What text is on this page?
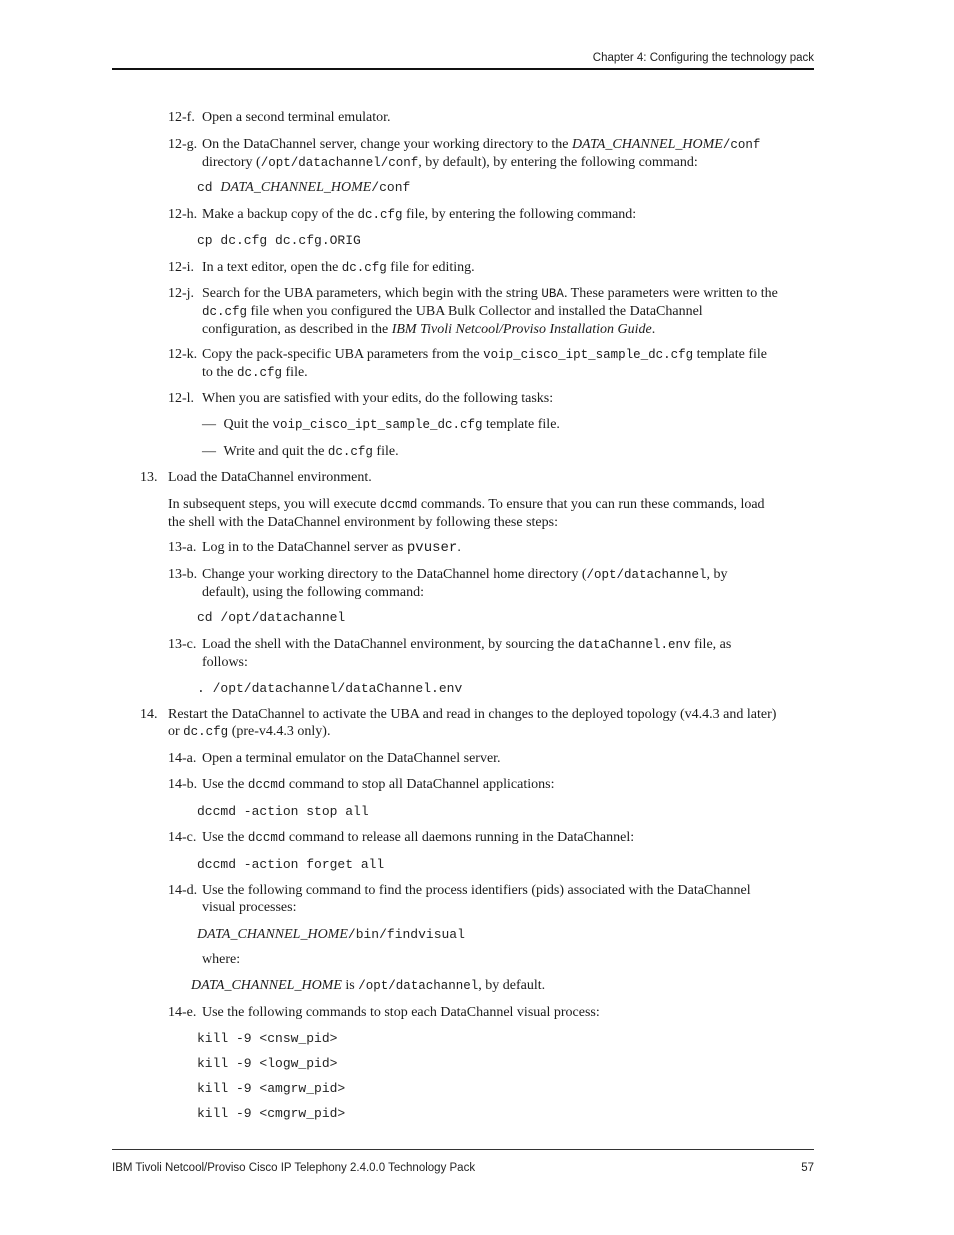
Chapter 4: Configuring the technology pack
12-f. Open a second terminal emulator.
12-g. On the DataChannel server, change your working directory to the DATA_CHANNEL_HOME/conf
directory (/opt/datachannel/conf, by default), by entering the following command:
cd DATA_CHANNEL_HOME/conf
12-h. Make a backup copy of the dc.cfg file, by entering the following command:
cp dc.cfg dc.cfg.ORIG
12-i. In a text editor, open the dc.cfg file for editing.
12-j. Search for the UBA parameters, which begin with the string UBA. These parameters were written to the
dc.cfg file when you configured the UBA Bulk Collector and installed the DataChannel
configuration, as described in the IBM Tivoli Netcool/Proviso Installation Guide.
12-k. Copy the pack-specific UBA parameters from the voip_cisco_ipt_sample_dc.cfg template file
to the dc.cfg file.
12-l. When you are satisfied with your edits, do the following tasks:
— Quit the voip_cisco_ipt_sample_dc.cfg template file.
— Write and quit the dc.cfg file.
13. Load the DataChannel environment.
In subsequent steps, you will execute dccmd commands. To ensure that you can run these commands, load
the shell with the DataChannel environment by following these steps:
13-a. Log in to the DataChannel server as pvuser.
13-b. Change your working directory to the DataChannel home directory (/opt/datachannel, by
default), using the following command:
cd /opt/datachannel
13-c. Load the shell with the DataChannel environment, by sourcing the dataChannel.env file, as
follows:
. /opt/datachannel/dataChannel.env
14. Restart the DataChannel to activate the UBA and read in changes to the deployed topology (v4.4.3 and later)
or dc.cfg (pre-v4.4.3 only).
14-a. Open a terminal emulator on the DataChannel server.
14-b. Use the dccmd command to stop all DataChannel applications:
dccmd -action stop all
14-c. Use the dccmd command to release all daemons running in the DataChannel:
dccmd -action forget all
14-d. Use the following command to find the process identifiers (pids) associated with the DataChannel
visual processes:
DATA_CHANNEL_HOME/bin/findvisual
where:
DATA_CHANNEL_HOME is /opt/datachannel, by default.
14-e. Use the following commands to stop each DataChannel visual process:
kill -9 <cnsw_pid>
kill -9 <logw_pid>
kill -9 <amgrw_pid>
kill -9 <cmgrw_pid>
IBM Tivoli Netcool/Proviso Cisco IP Telephony 2.4.0.0 Technology Pack	57
